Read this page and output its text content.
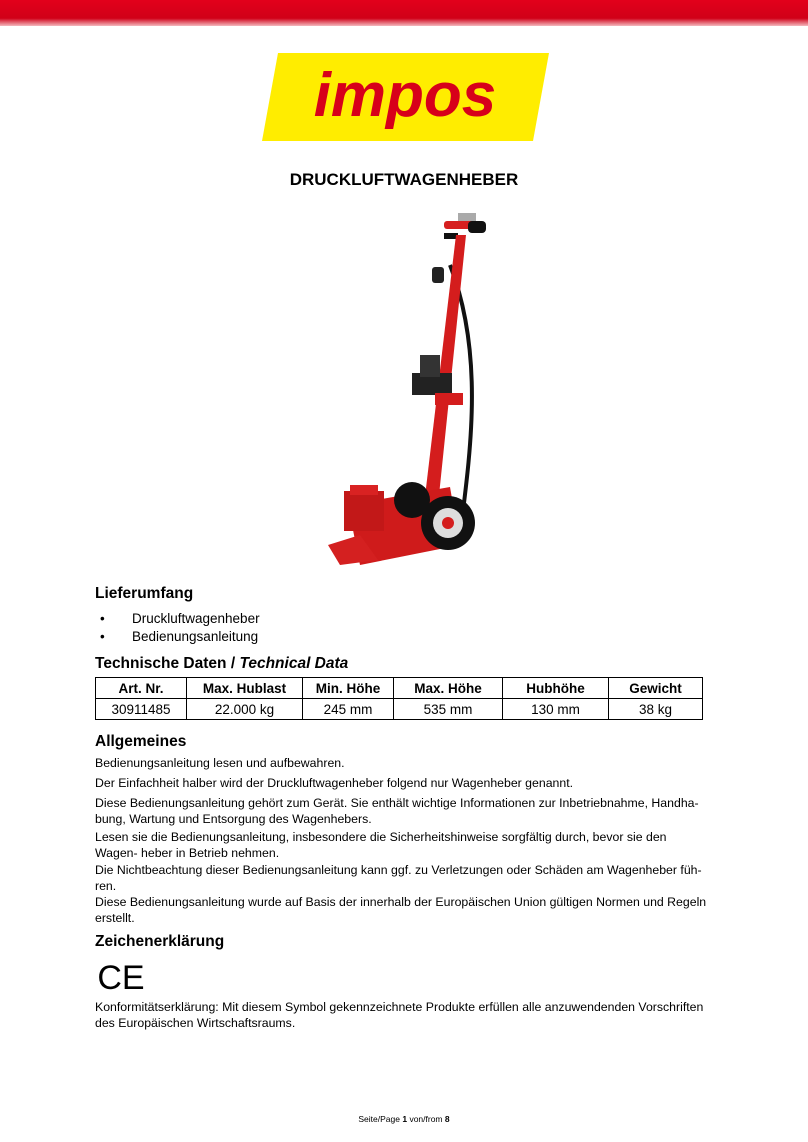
impos
DRUCKLUFTWAGENHEBER
Lieferumfang
• Druckluftwagenheber
• Bedienungsanleitung
Technische Daten / Technical Data
Art. Nr.	Max. Hublast	Min. Höhe	Max. Höhe	Hubhöhe	Gewicht
30911485	22.000 kg	245 mm	535 mm	130 mm	38 kg
Allgemeines

Bedienungsanleitung lesen und aufbewahren.

Der Einfachheit halber wird der Druckluftwagenheber folgend nur Wagenheber genannt.

Diese Bedienungsanleitung gehört zum Gerät. Sie enthält wichtige Informationen zur Inbetriebnahme, Handha- bung, Wartung und Entsorgung des Wagenhebers.

Lesen sie die Bedienungsanleitung, insbesondere die Sicherheitshinweise sorgfältig durch, bevor sie den Wagen- heber in Betrieb nehmen.

Die Nichtbeachtung dieser Bedienungsanleitung kann ggf. zu Verletzungen oder Schäden am Wagenheber füh- ren.

Diese Bedienungsanleitung wurde auf Basis der innerhalb der Europäischen Union gültigen Normen und Regeln erstellt.

Zeichenerklärung
CE

Konformitätserklärung: Mit diesem Symbol gekennzeichnete Produkte erfüllen alle anzuwendenden Vorschriften des Europäischen Wirtschaftsraums.

Seite/Page 1 von/from 8
